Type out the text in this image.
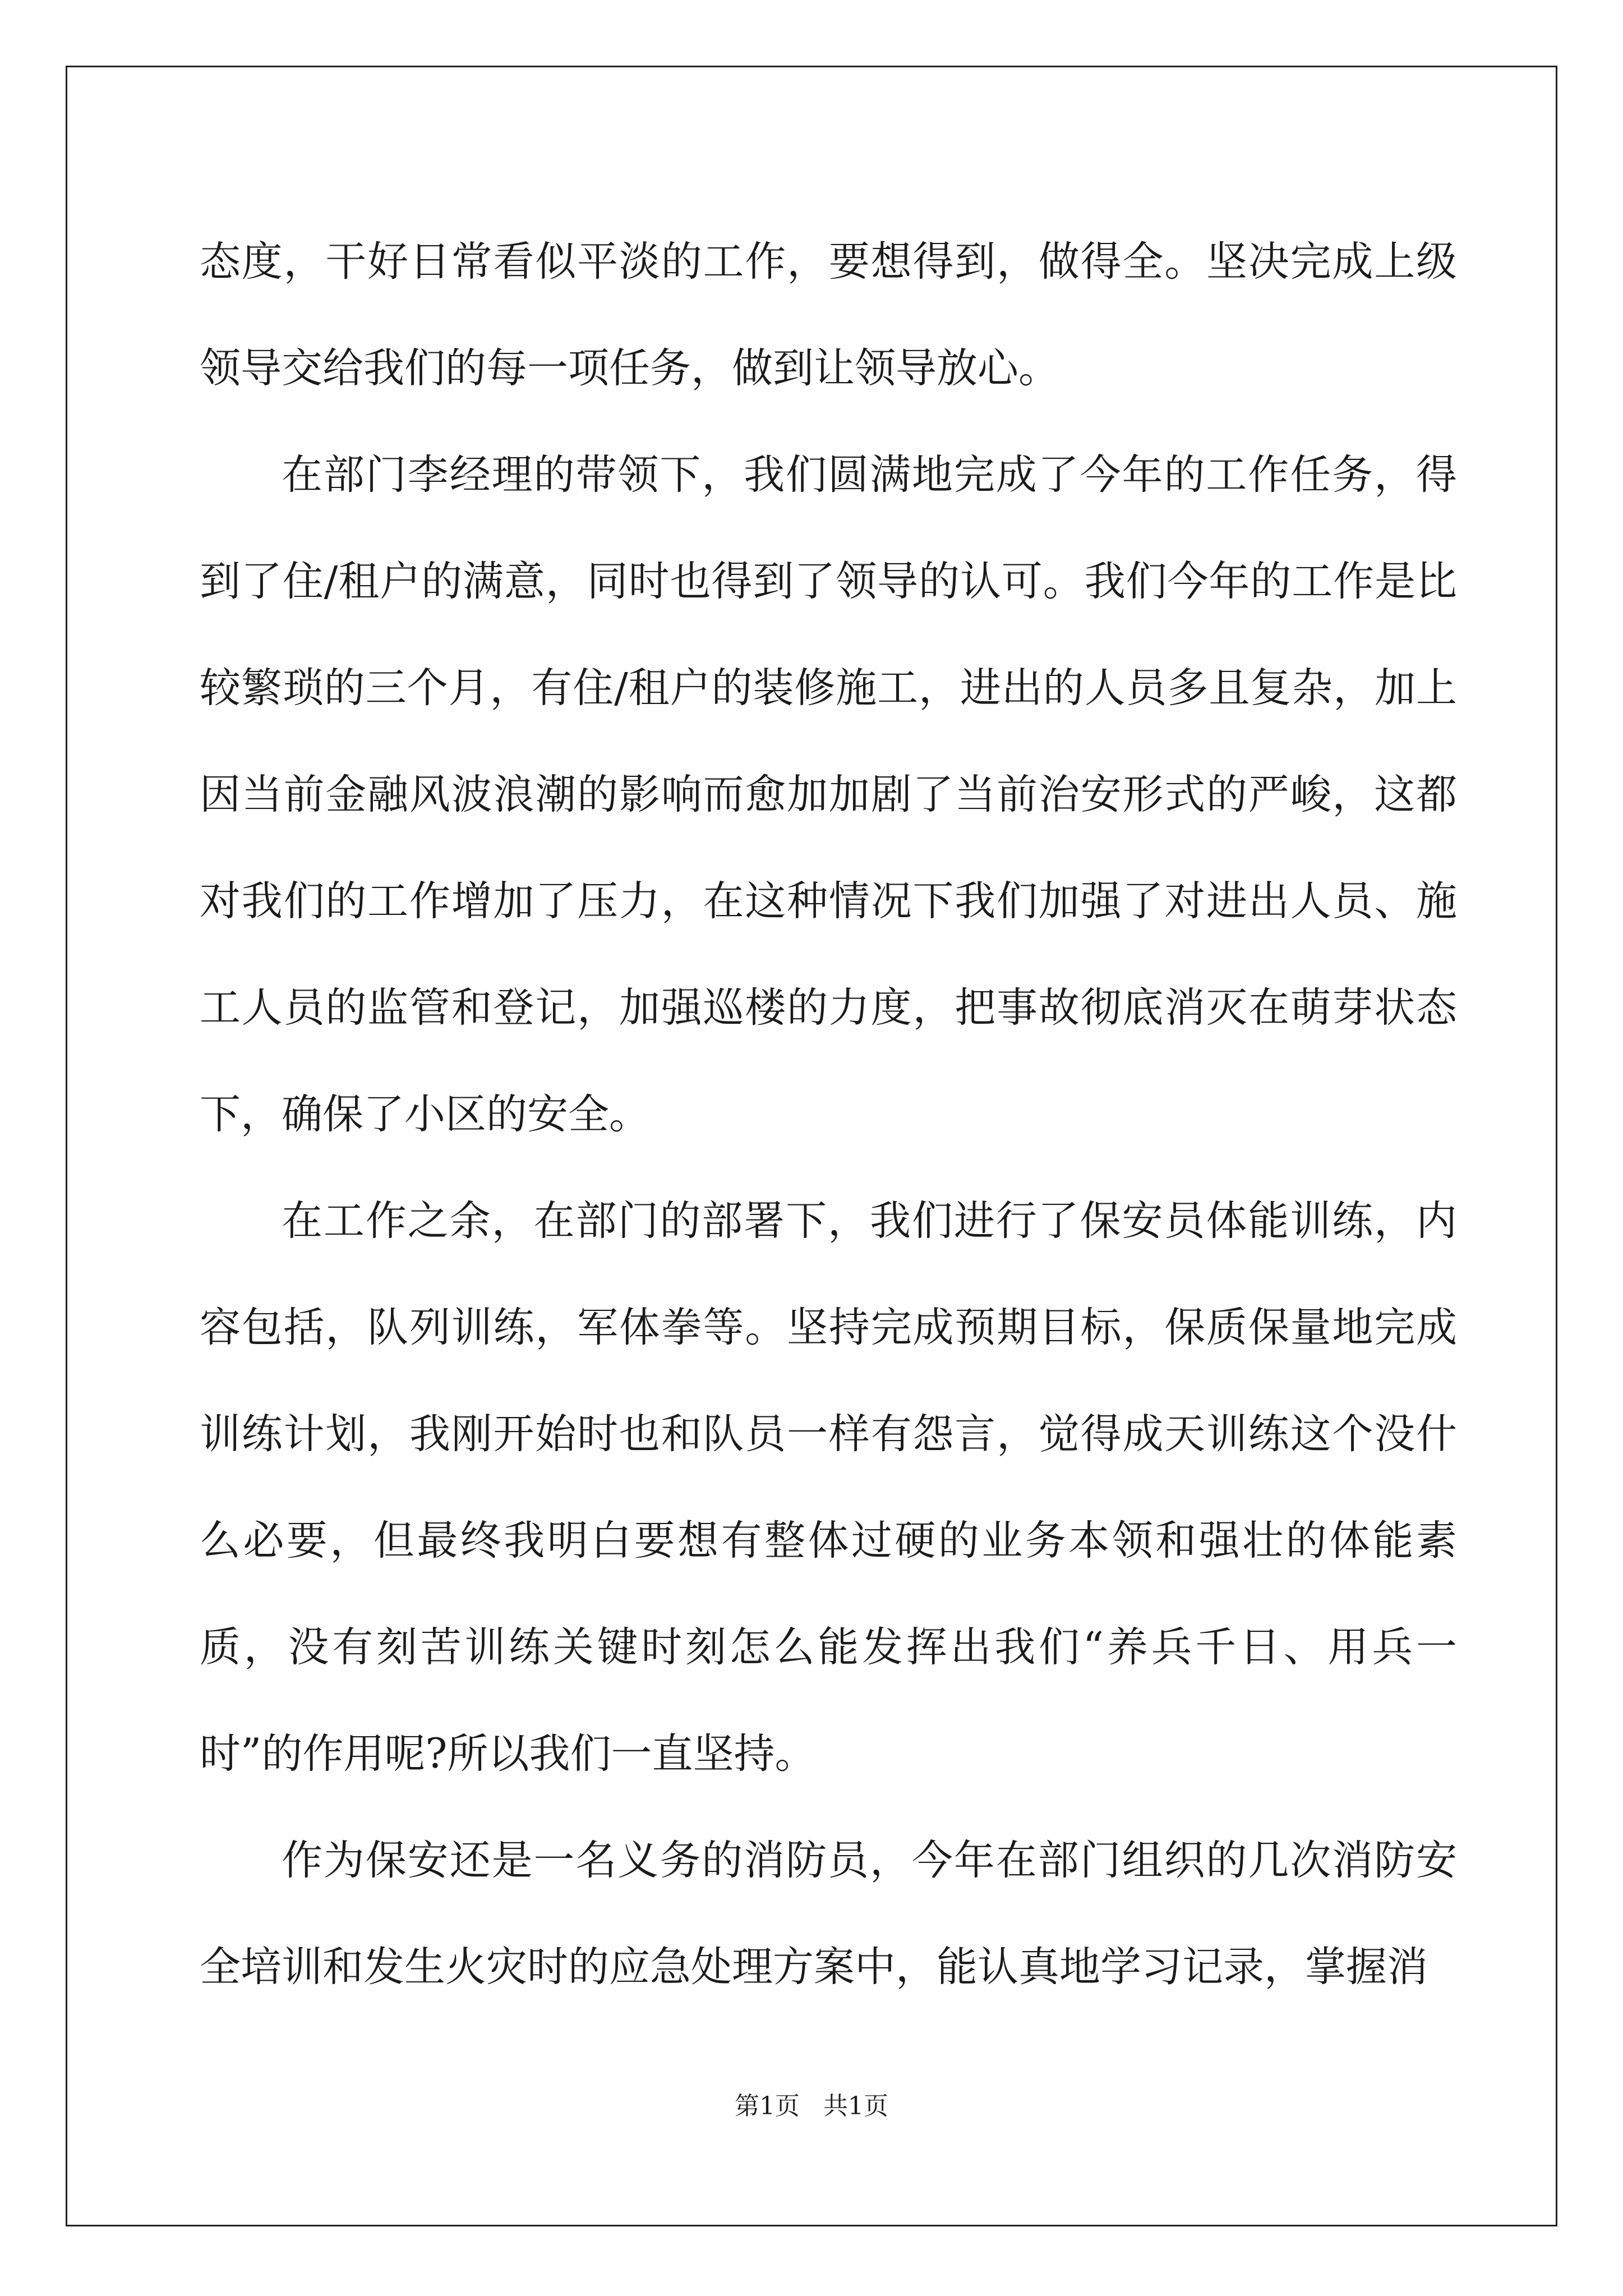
态度，干好日常看似平淡的工作，要想得到，做得全。坚决完成上级领导交给我们的每一项任务，做到让领导放心。

在部门李经理的带领下，我们圆满地完成了今年的工作任务，得到了住/租户的满意，同时也得到了领导的认可。我们今年的工作是比较繁琐的三个月，有住/租户的装修施工，进出的人员多且复杂，加上因当前金融风波浪潮的影响而愈加加剧了当前治安形式的严峻，这都对我们的工作增加了压力，在这种情况下我们加强了对进出人员、施工人员的监管和登记，加强巡楼的力度，把事故彻底消灭在萌芽状态下，确保了小区的安全。

在工作之余，在部门的部署下，我们进行了保安员体能训练，内容包括，队列训练，军体拳等。坚持完成预期目标，保质保量地完成训练计划，我刚开始时也和队员一样有怨言，觉得成天训练这个没什么必要，但最终我明白要想有整体过硬的业务本领和强壮的体能素质，没有刻苦训练关键时刻怎么能发挥出我们“养兵千日、用兵一时”的作用呢?所以我们一直坚持。

作为保安还是一名义务的消防员，今年在部门组织的几次消防安全培训和发生火灾时的应急处理方案中，能认真地学习记录，掌握消

第1页 共1页
